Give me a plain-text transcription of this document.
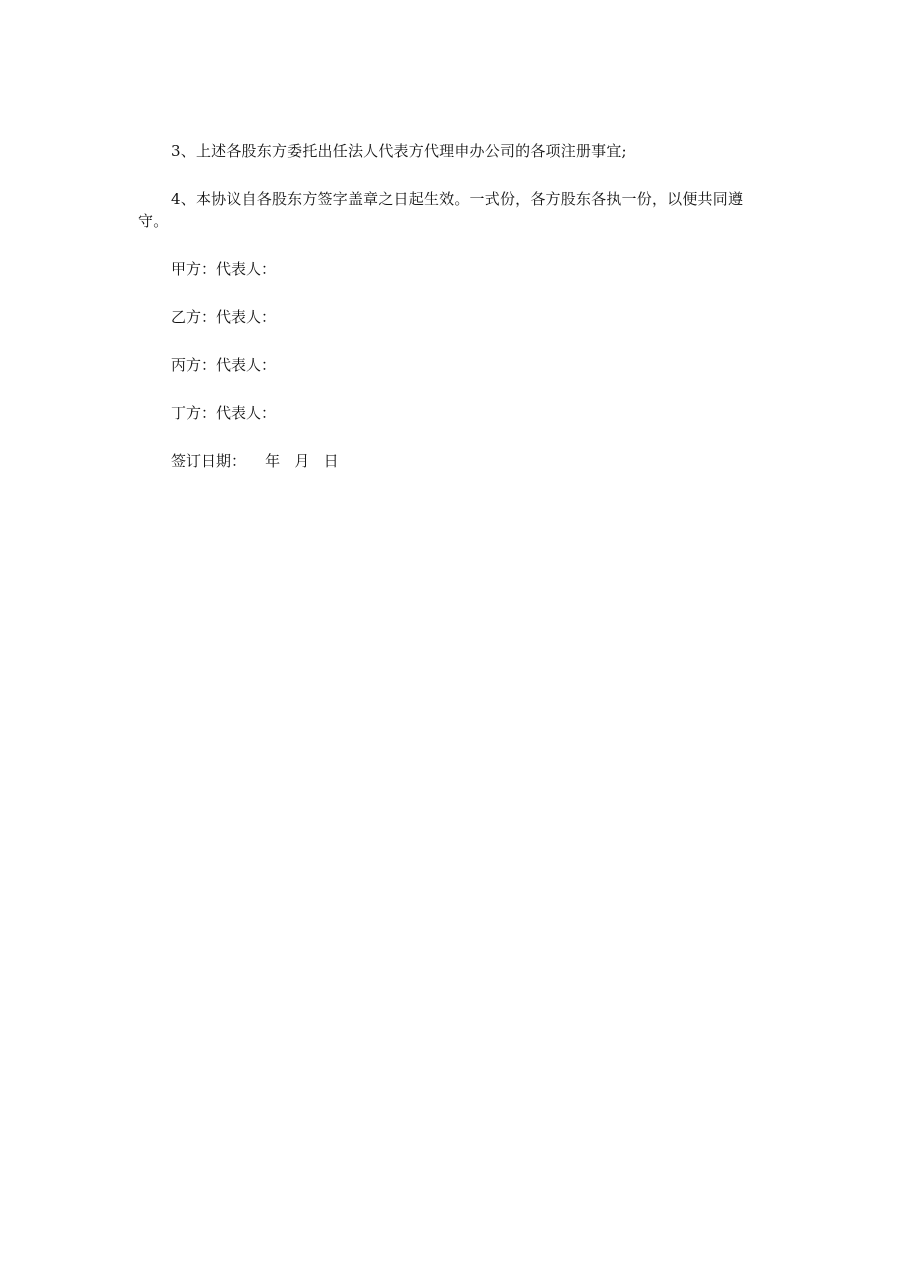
3、上述各股东方委托出任法人代表方代理申办公司的各项注册事宜;

4、本协议自各股东方签字盖章之日起生效。一式份，各方股东各执一份，以便共同遵守。

甲方：代表人：

乙方：代表人：

丙方：代表人：

丁方：代表人：

签订日期：    年   月   日
